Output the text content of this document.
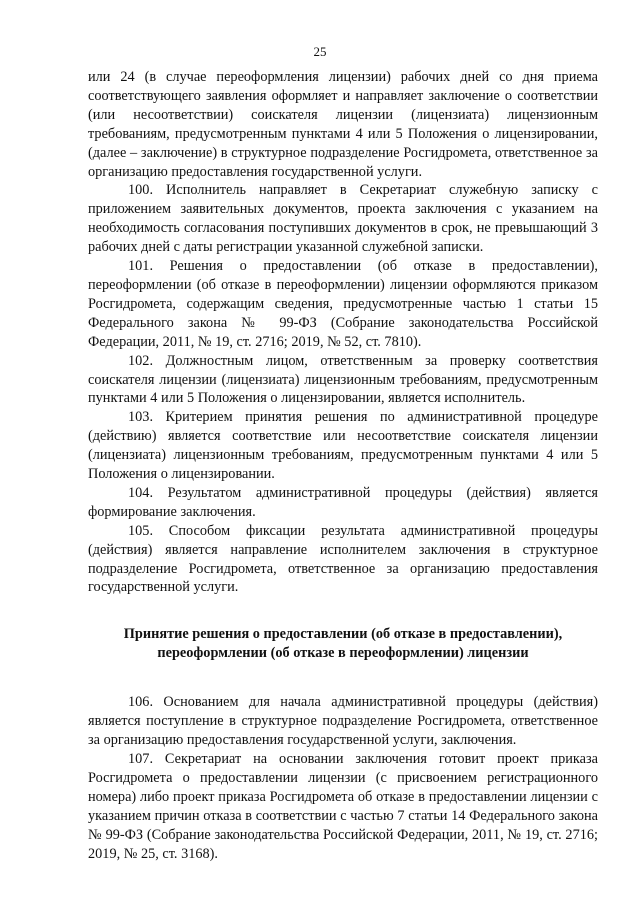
25

или 24 (в случае переоформления лицензии) рабочих дней со дня приема соответствующего заявления оформляет и направляет заключение о соответствии (или несоответствии) соискателя лицензии (лицензиата) лицензионным требованиям, предусмотренным пунктами 4 или 5 Положения о лицензировании, (далее – заключение) в структурное подразделение Росгидромета, ответственное за организацию предоставления государственной услуги.

100. Исполнитель направляет в Секретариат служебную записку с приложением заявительных документов, проекта заключения с указанием на необходимость согласования поступивших документов в срок, не превышающий 3 рабочих дней с даты регистрации указанной служебной записки.

101. Решения о предоставлении (об отказе в предоставлении), переоформлении (об отказе в переоформлении) лицензии оформляются приказом Росгидромета, содержащим сведения, предусмотренные частью 1 статьи 15 Федерального закона № 99-ФЗ (Собрание законодательства Российской Федерации, 2011, № 19, ст. 2716; 2019, № 52, ст. 7810).

102. Должностным лицом, ответственным за проверку соответствия соискателя лицензии (лицензиата) лицензионным требованиям, предусмотренным пунктами 4 или 5 Положения о лицензировании, является исполнитель.

103. Критерием принятия решения по административной процедуре (действию) является соответствие или несоответствие соискателя лицензии (лицензиата) лицензионным требованиям, предусмотренным пунктами 4 или 5 Положения о лицензировании.

104. Результатом административной процедуры (действия) является формирование заключения.

105. Способом фиксации результата административной процедуры (действия) является направление исполнителем заключения в структурное подразделение Росгидромета, ответственное за организацию предоставления государственной услуги.

Принятие решения о предоставлении (об отказе в предоставлении),
переоформлении (об отказе в переоформлении) лицензии

106. Основанием для начала административной процедуры (действия) является поступление в структурное подразделение Росгидромета, ответственное за организацию предоставления государственной услуги, заключения.

107. Секретариат на основании заключения готовит проект приказа Росгидромета о предоставлении лицензии (с присвоением регистрационного номера) либо проект приказа Росгидромета об отказе в предоставлении лицензии с указанием причин отказа в соответствии с частью 7 статьи 14 Федерального закона № 99-ФЗ (Собрание законодательства Российской Федерации, 2011, № 19, ст. 2716; 2019, № 25, ст. 3168).
